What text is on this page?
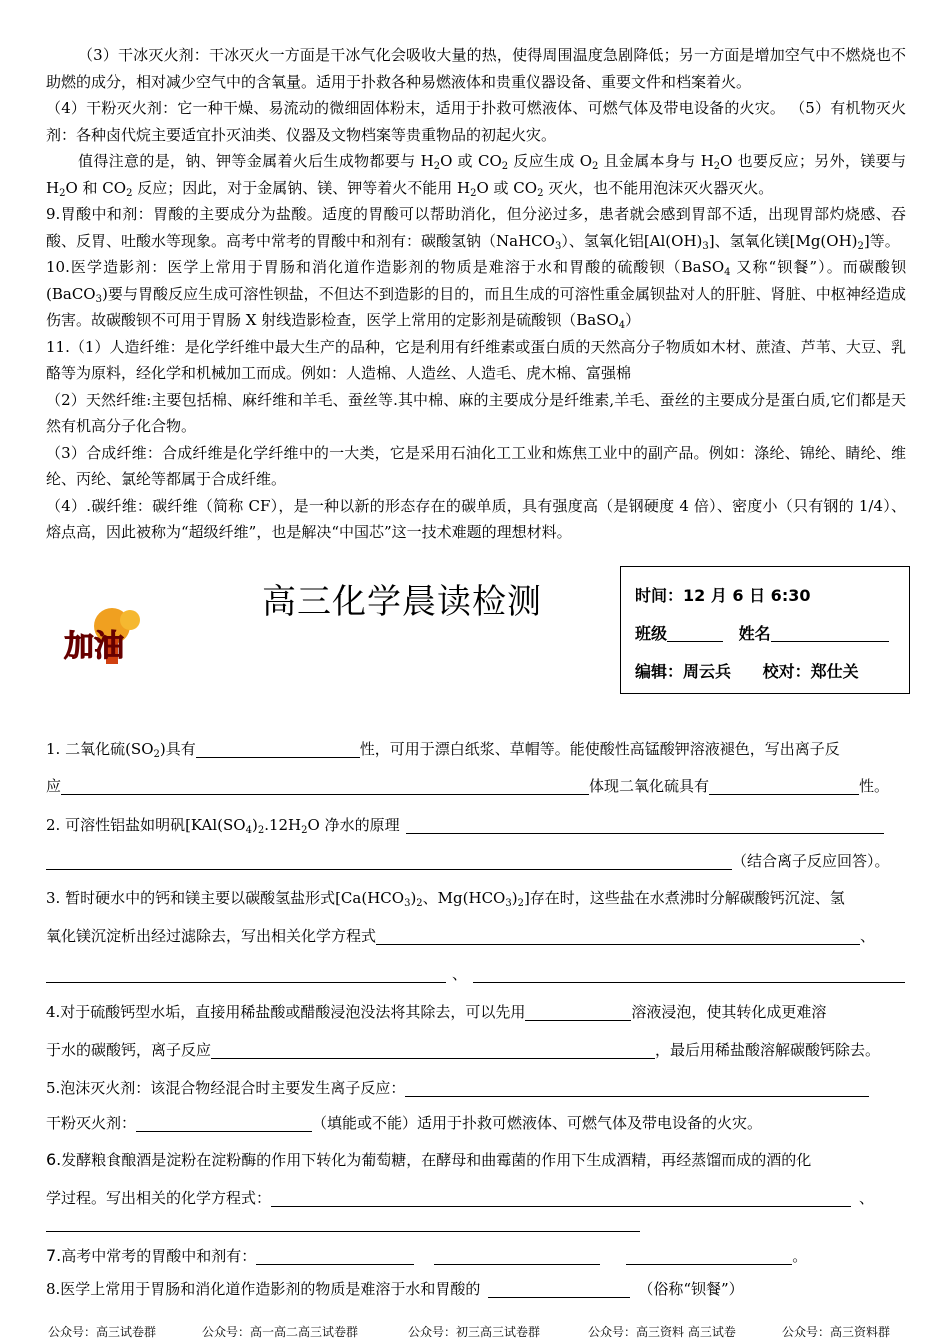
（3）干冰灭火剂：干冰灭火一方面是干冰气化会吸收大量的热，使得周围温度急剧降低；另一方面是增加空气中不燃烧也不助燃的成分，相对减少空气中的含氧量。适用于扑救各种易燃液体和贵重仪器设备、重要文件和档案着火。

（4）干粉灭火剂：它一种干燥、易流动的微细固体粉末，适用于扑救可燃液体、可燃气体及带电设备的火灾。 （5）有机物灭火剂：各种卤代烷主要适宜扑灭油类、仪器及文物档案等贵重物品的初起火灾。

值得注意的是，钠、钾等金属着火后生成物都要与 $H_2O$ 或 $CO_2$ 反应生成 $O_2$ 且金属本身与 $H_2O$ 也要反应；另外，镁要与 $H_2O$ 和 $CO_2$ 反应；因此，对于金属钠、镁、钾等着火不能用 $H_2O$ 或 $CO_2$ 灭火，也不能用泡沫灭火器灭火。

9.胃酸中和剂：胃酸的主要成分为盐酸。适度的胃酸可以帮助消化，但分泌过多，患者就会感到胃部不适，出现胃部灼烧感、吞酸、反胃、吐酸水等现象。高考中常考的胃酸中和剂有：碳酸氢钠（NaHCO$_3$）、氢氧化铝$[Al(OH)_3]$、氢氧化镁$[Mg(OH)_2]$等。

10.医学造影剂：医学上常用于胃肠和消化道作造影剂的物质是难溶于水和胃酸的硫酸钡（BaSO$_4$ 又称“钡餐”）。而碳酸钡(BaCO$_3$)要与胃酸反应生成可溶性钡盐，不但达不到造影的目的，而且生成的可溶性重金属钡盐对人的肝脏、肾脏、中枢神经造成伤害。故碳酸钡不可用于胃肠 X 射线造影检查，医学上常用的定影剂是硫酸钡（BaSO$_4$）

11.（1）人造纤维：是化学纤维中最大生产的品种，它是利用有纤维素或蛋白质的天然高分子物质如木材、蔗渣、芦苇、大豆、乳酪等为原料，经化学和机械加工而成。例如：人造棉、人造丝、人造毛、虎木棉、富强棉

（2）天然纤维:主要包括棉、麻纤维和羊毛、蚕丝等.其中棉、麻的主要成分是纤维素,羊毛、蚕丝的主要成分是蛋白质,它们都是天然有机高分子化合物。

（3）合成纤维：合成纤维是化学纤维中的一大类，它是采用石油化工工业和炼焦工业中的副产品。例如：涤纶、锦纶、睛纶、维纶、丙纶、氯纶等都属于合成纤维。

（4）.碳纤维：碳纤维（简称 CF），是一种以新的形态存在的碳单质，具有强度高（是钢硬度 4 倍）、密度小（只有钢的 1/4）、熔点高，因此被称为“超级纤维”，也是解决“中国芯”这一技术难题的理想材料。

加油
高三化学晨读检测	时间：12 月 6 日 6:30
班级	姓名
编辑：周云兵 校对：郑仕关
1. 二氧化硫$(SO_2)$具有	性，可用于漂白纸浆、草帽等。能使酸性高锰酸钾溶液褪色，写出离子反
应	体现二氧化硫具有	性。
2. 可溶性铝盐如明矾[$KAl(SO_4)_2.12H_2O$ 净水的原理
（结合离子反应回答）。
3. 暂时硬水中的钙和镁主要以碳酸氢盐形式[$Ca(HCO_3)_2$、$Mg(HCO_3)_2$]存在时，这些盐在水煮沸时分解碳酸钙沉淀、氢
氧化镁沉淀析出经过滤除去，写出相关化学方程式	、
、
4.对于硫酸钙型水垢，直接用稀盐酸或醋酸浸泡没法将其除去，可以先用	溶液浸泡，使其转化成更难溶
于水的碳酸钙，离子反应	，最后用稀盐酸溶解碳酸钙除去。
5.泡沫灭火剂：该混合物经混合时主要发生离子反应：
干粉灭火剂：	（填能或不能）适用于扑救可燃液体、可燃气体及带电设备的火灾。
6.发酵粮食酿酒是淀粉在淀粉酶的作用下转化为葡萄糖，在酵母和曲霉菌的作用下生成酒精，再经蒸馏而成的酒的化
学过程。写出相关的化学方程式：	、
7.高考中常考的胃酸中和剂有：	。
8.医学上常用于胃肠和消化道作造影剂的物质是难溶于水和胃酸的	（俗称“钡餐”）
公众号：高三试卷群	公众号：高一高二高三试卷群	公众号：初三高三试卷群	公众号：高三资料 高三试卷	公众号：高三资料群
